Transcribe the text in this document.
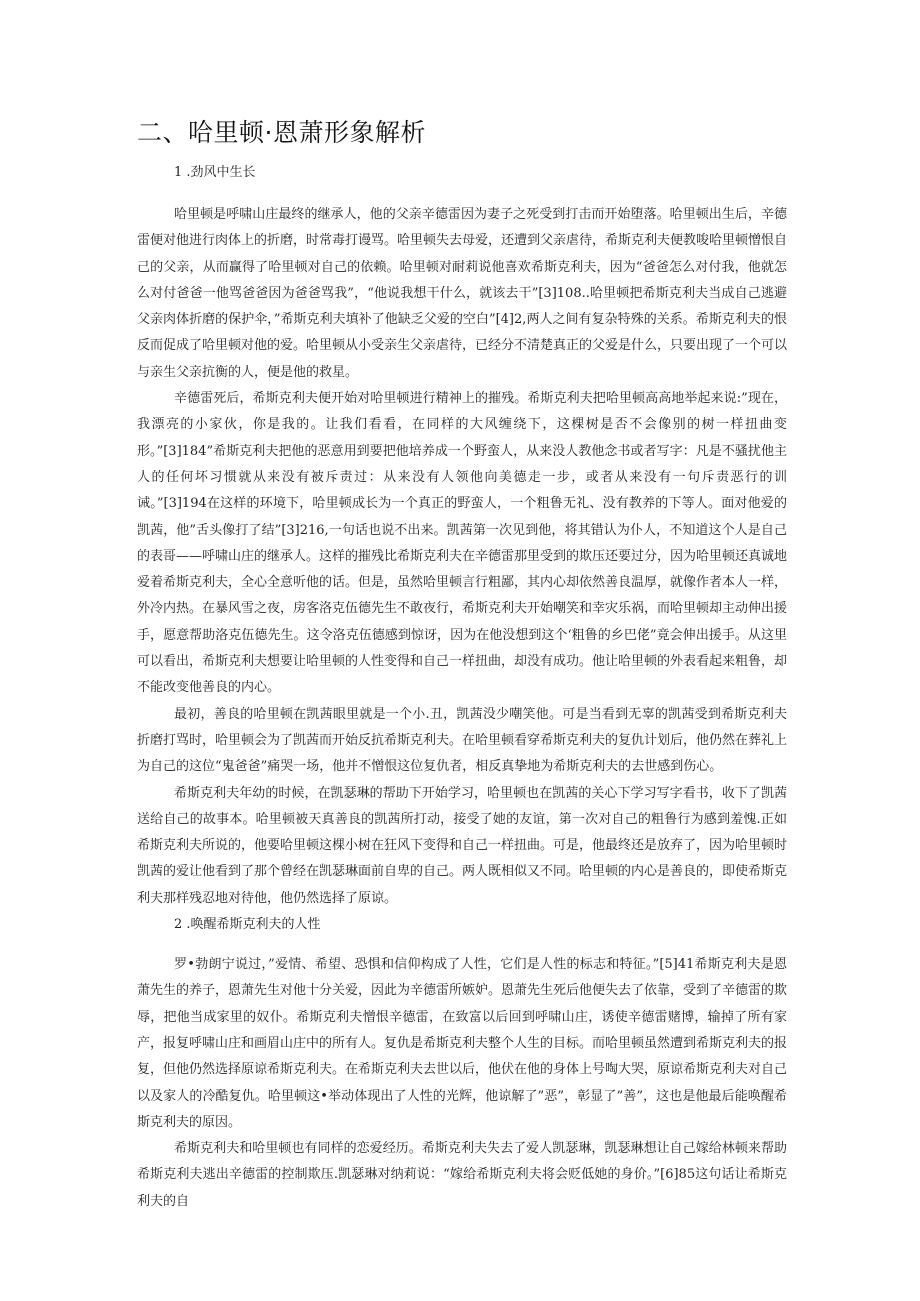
二、哈里顿·恩萧形象解析

1 .劲风中生长

哈里顿是呼啸山庄最终的继承人，他的父亲辛德雷因为妻子之死受到打击而开始堕落。哈里顿出生后，辛德雷便对他进行肉体上的折磨，时常毒打谩骂。哈里顿失去母爱，还遭到父亲虐待，希斯克利夫便教唆哈里顿憎恨自己的父亲，从而赢得了哈里顿对自己的依赖。哈里顿对耐莉说他喜欢希斯克利夫，因为“爸爸怎么对付我，他就怎么对付爸爸一他骂爸爸因为爸爸骂我”，“他说我想干什么，就该去干”[3]108..哈里顿把希斯克利夫当成自己逃避父亲肉体折磨的保护伞，”希斯克利夫填补了他缺乏父爱的空白”[4]2,两人之间有复杂特殊的关系。希斯克利夫的恨反而促成了哈里顿对他的爱。哈里顿从小受亲生父亲虐待，已经分不清楚真正的父爱是什么，只要出现了一个可以与亲生父亲抗衡的人，便是他的救星。

辛德雷死后，希斯克利夫便开始对哈里顿进行精神上的摧残。希斯克利夫把哈里顿高高地举起来说:”现在，我漂亮的小家伙，你是我的。让我们看看，在同样的大风缠绕下，这棵树是否不会像别的树一样扭曲变形。”[3]184”希斯克利夫把他的恶意用到要把他培养成一个野蛮人，从来没人教他念书或者写字：凡是不骚扰他主人的任何坏习惯就从来没有被斥责过：从来没有人领他向美德走一步，或者从来没有一句斥责恶行的训诫。”[3]194在这样的环境下，哈里顿成长为一个真正的野蛮人，一个粗鲁无礼、没有教养的下等人。面对他爱的凯茜，他”舌头像打了结”[3]216,一句话也说不出来。凯茜第一次见到他，将其错认为仆人，不知道这个人是自己的表哥——呼啸山庄的继承人。这样的摧残比希斯克利夫在辛德雷那里受到的欺压还要过分，因为哈里顿还真诚地爱着希斯克利夫，全心全意听他的话。但是，虽然哈里顿言行粗鄙，其内心却依然善良温厚，就像作者本人一样，外冷内热。在暴风雪之夜，房客洛克伍德先生不敢夜行，希斯克利夫开始嘲笑和幸灾乐祸，而哈里顿却主动伸出援手，愿意帮助洛克伍德先生。这令洛克伍德感到惊讶，因为在他没想到这个‘粗鲁的乡巴佬”竟会伸出援手。从这里可以看出，希斯克利夫想要让哈里顿的人性变得和自己一样扭曲，却没有成功。他让哈里顿的外表看起来粗鲁，却不能改变他善良的内心。

最初，善良的哈里顿在凯茜眼里就是一个小.丑，凯茜没少嘲笑他。可是当看到无辜的凯茜受到希斯克利夫折磨打骂时，哈里顿会为了凯茜而开始反抗希斯克利夫。在哈里顿看穿希斯克利夫的复仇计划后，他仍然在葬礼上为自己的这位“鬼爸爸”痛哭一场，他并不憎恨这位复仇者，相反真挚地为希斯克利夫的去世感到伤心。

希斯克利夫年幼的时候，在凯瑟琳的帮助下开始学习，哈里顿也在凯茜的关心下学习写字看书，收下了凯茜送给自己的故事本。哈里顿被天真善良的凯茜所打动，接受了她的友谊，第一次对自己的粗鲁行为感到羞愧.正如希斯克利夫所说的，他要哈里顿这棵小树在狂风下变得和自己一样扭曲。可是，他最终还是放弃了，因为哈里顿时凯茜的爱让他看到了那个曾经在凯瑟琳面前自卑的自己。两人既相似又不同。哈里顿的内心是善良的，即使希斯克利夫那样残忍地对待他，他仍然选择了原谅。

2 .唤醒希斯克利夫的人性

罗•勃朗宁说过，”爱情、希望、恐惧和信仰构成了人性，它们是人性的标志和特征。”[5]41希斯克利夫是恩萧先生的养子，恩萧先生对他十分关爱，因此为辛德雷所嫉妒。恩萧先生死后他便失去了依靠，受到了辛德雷的欺辱，把他当成家里的奴仆。希斯克利夫憎恨辛德雷，在致富以后回到呼啸山庄，诱使辛德雷赌博，输掉了所有家产，报复呼啸山庄和画眉山庄中的所有人。复仇是希斯克利夫整个人生的目标。而哈里顿虽然遭到希斯克利夫的报复，但他仍然选择原谅希斯克利夫。在希斯克利夫去世以后，他伏在他的身体上号啕大哭，原谅希斯克利夫对自己以及家人的冷酷复仇。哈里顿这•举动体现出了人性的光辉，他谅解了”恶”，彰显了”善”，这也是他最后能唤醒希斯克利夫的原因。

希斯克利夫和哈里顿也有同样的恋爱经历。希斯克利夫失去了爱人凯瑟琳，凯瑟琳想让自己嫁给林顿来帮助希斯克利夫逃出辛德雷的控制欺压.凯瑟琳对纳莉说：“嫁给希斯克利夫将会贬低她的身价。”[6]85这句话让希斯克利夫的自
